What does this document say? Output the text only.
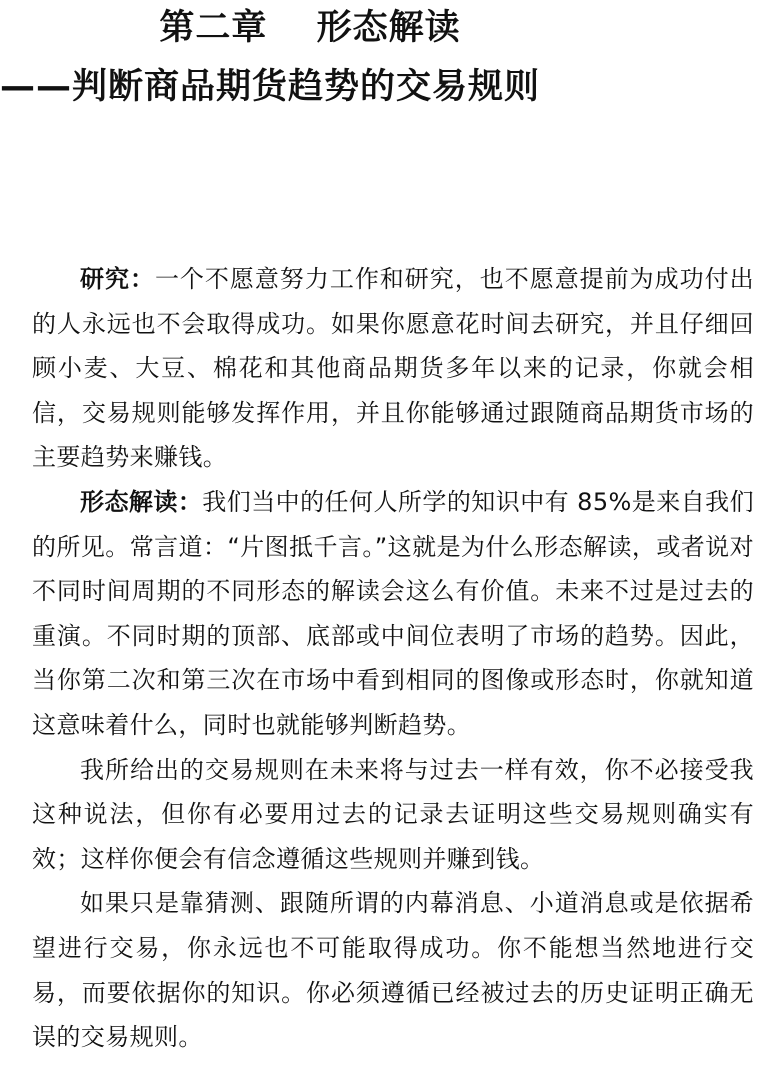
第二章　 形态解读
——判断商品期货趋势的交易规则

研究：一个不愿意努力工作和研究，也不愿意提前为成功付出的人永远也不会取得成功。如果你愿意花时间去研究，并且仔细回顾小麦、大豆、棉花和其他商品期货多年以来的记录，你就会相信，交易规则能够发挥作用，并且你能够通过跟随商品期货市场的主要趋势来赚钱。

形态解读：我们当中的任何人所学的知识中有 85%是来自我们的所见。常言道：“片图抵千言。”这就是为什么形态解读，或者说对不同时间周期的不同形态的解读会这么有价值。未来不过是过去的重演。不同时期的顶部、底部或中间位表明了市场的趋势。因此，当你第二次和第三次在市场中看到相同的图像或形态时，你就知道这意味着什么，同时也就能够判断趋势。

我所给出的交易规则在未来将与过去一样有效，你不必接受我这种说法，但你有必要用过去的记录去证明这些交易规则确实有效；这样你便会有信念遵循这些规则并赚到钱。

如果只是靠猜测、跟随所谓的内幕消息、小道消息或是依据希望进行交易，你永远也不可能取得成功。你不能想当然地进行交易，而要依据你的知识。你必须遵循已经被过去的历史证明正确无误的交易规则。
